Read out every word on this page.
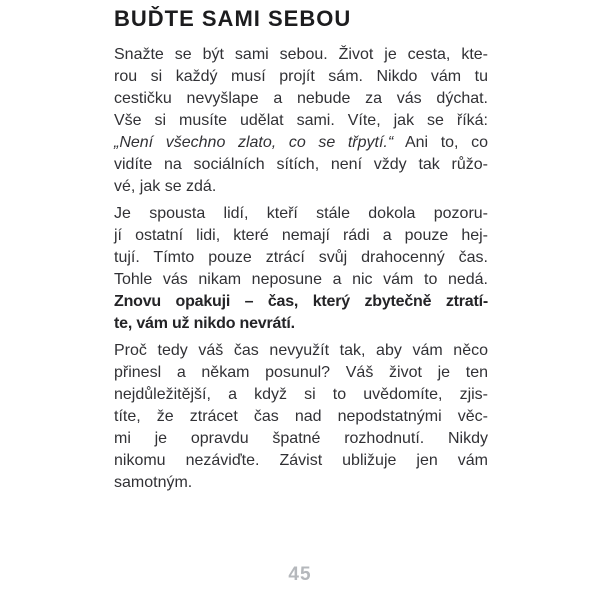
BUĎTE SAMI SEBOU
Snažte se být sami sebou. Život je cesta, kte-
rou si každý musí projít sám. Nikdo vám tu
cestičku nevyšlape a nebude za vás dýchat.
Vše si musíte udělat sami. Víte, jak se říká:
„Není všechno zlato, co se třpytí.“ Ani to, co
vidíte na sociálních sítích, není vždy tak růžo-
vé, jak se zdá.
Je spousta lidí, kteří stále dokola pozoru-
jí ostatní lidi, které nemají rádi a pouze hej-
tují. Tímto pouze ztrácí svůj drahocenný čas.
Tohle vás nikam neposune a nic vám to nedá.
Znovu opakuji – čas, který zbytečně ztratí-
te, vám už nikdo nevrátí.
Proč tedy váš čas nevyužít tak, aby vám něco
přinesl a někam posunul? Váš život je ten
nejdůležitější, a když si to uvědomíte, zjis-
títe, že ztrácet čas nad nepodstatnými věc-
mi je opravdu špatné rozhodnutí. Nikdy
nikomu nezáviďte. Závist ubližuje jen vám
samotným.
45
